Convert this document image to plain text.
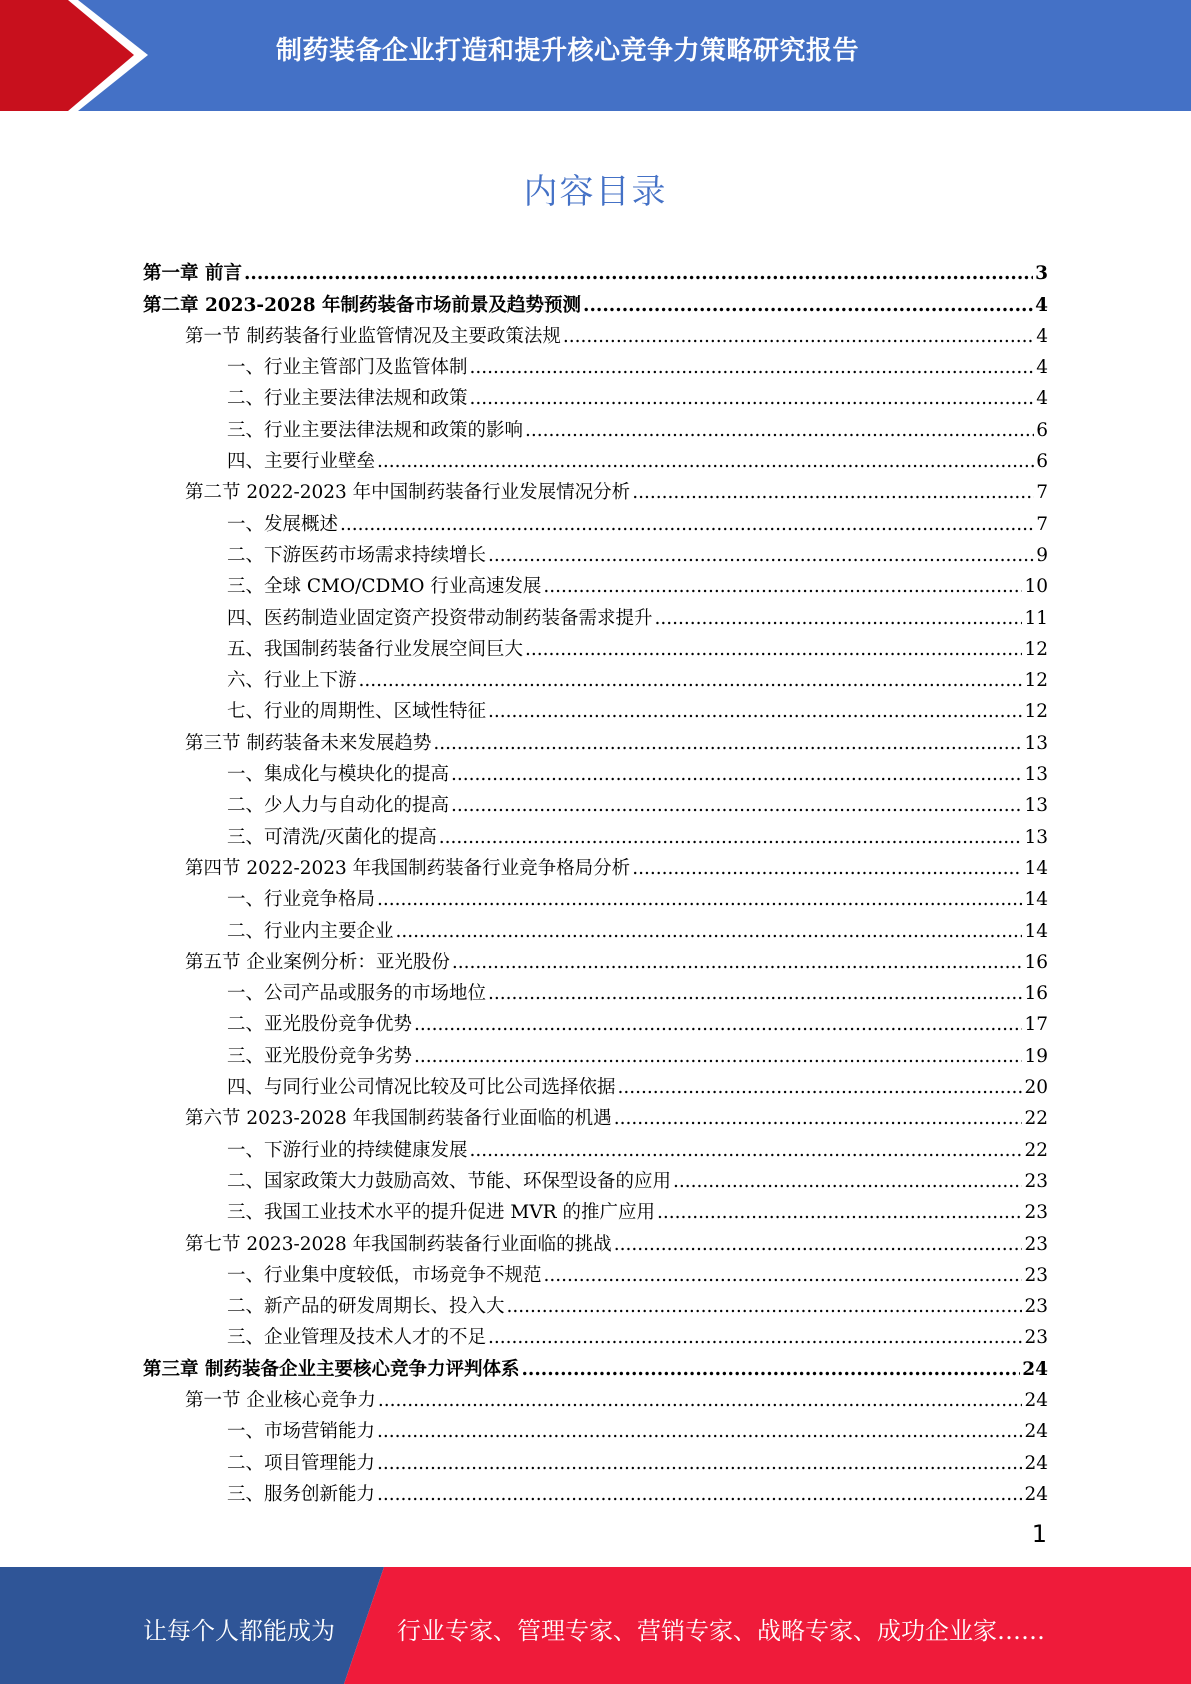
制药装备企业打造和提升核心竞争力策略研究报告
内容目录
第一章 前言 .....	3
第二章 2023-2028 年制药装备市场前景及趋势预测 .....	4
第一节 制药装备行业监管情况及主要政策法规 .....	4
一、行业主管部门及监管体制 .....	4
二、行业主要法律法规和政策 .....	4
三、行业主要法律法规和政策的影响 .....	6
四、主要行业壁垒 .....	6
第二节 2022-2023 年中国制药装备行业发展情况分析 .....	7
一、发展概述 .....	7
二、下游医药市场需求持续增长 .....	9
三、全球 CMO/CDMO 行业高速发展 .....	10
四、医药制造业固定资产投资带动制药装备需求提升 .....	11
五、我国制药装备行业发展空间巨大 .....	12
六、行业上下游 .....	12
七、行业的周期性、区域性特征 .....	12
第三节 制药装备未来发展趋势 .....	13
一、集成化与模块化的提高 .....	13
二、少人力与自动化的提高 .....	13
三、可清洗/灭菌化的提高 .....	13
第四节 2022-2023 年我国制药装备行业竞争格局分析 .....	14
一、行业竞争格局 .....	14
二、行业内主要企业 .....	14
第五节 企业案例分析：亚光股份 .....	16
一、公司产品或服务的市场地位 .....	16
二、亚光股份竞争优势 .....	17
三、亚光股份竞争劣势 .....	19
四、与同行业公司情况比较及可比公司选择依据 .....	20
第六节 2023-2028 年我国制药装备行业面临的机遇 .....	22
一、下游行业的持续健康发展 .....	22
二、国家政策大力鼓励高效、节能、环保型设备的应用 .....	23
三、我国工业技术水平的提升促进 MVR 的推广应用 .....	23
第七节 2023-2028 年我国制药装备行业面临的挑战 .....	23
一、行业集中度较低，市场竞争不规范 .....	23
二、新产品的研发周期长、投入大 .....	23
三、企业管理及技术人才的不足 .....	23
第三章 制药装备企业主要核心竞争力评判体系 .....	24
第一节 企业核心竞争力 .....	24
一、市场营销能力 .....	24
二、项目管理能力 .....	24
三、服务创新能力 .....	24
1
让每个人都能成为	行业专家、管理专家、营销专家、战略专家、成功企业家……
